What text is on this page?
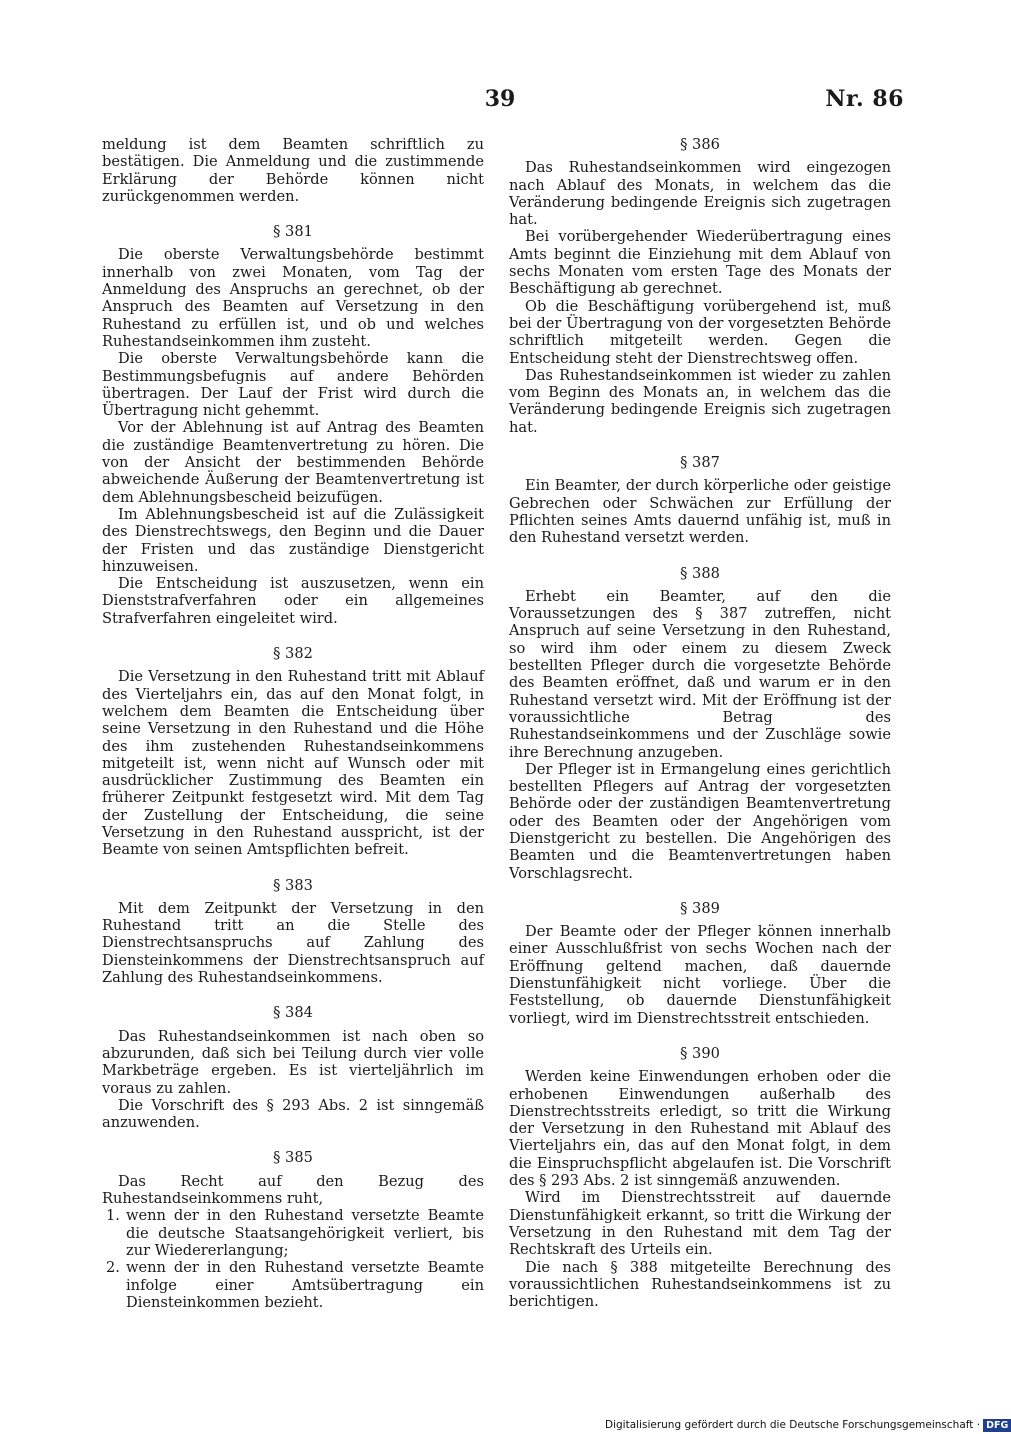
39	Nr. 86

meldung ist dem Beamten schriftlich zu bestätigen. Die Anmeldung und die zustimmende Erklärung der Behörde können nicht zurückgenommen werden.

§ 381

Die oberste Verwaltungsbehörde bestimmt innerhalb von zwei Monaten, vom Tag der Anmeldung des Anspruchs an gerechnet, ob der Anspruch des Beamten auf Versetzung in den Ruhestand zu erfüllen ist, und ob und welches Ruhestandseinkommen ihm zusteht.

Die oberste Verwaltungsbehörde kann die Bestimmungsbefugnis auf andere Behörden übertragen. Der Lauf der Frist wird durch die Übertragung nicht gehemmt.

Vor der Ablehnung ist auf Antrag des Beamten die zuständige Beamtenvertretung zu hören. Die von der Ansicht der bestimmenden Behörde abweichende Äußerung der Beamtenvertretung ist dem Ablehnungsbescheid beizufügen.

Im Ablehnungsbescheid ist auf die Zulässigkeit des Dienstrechtswegs, den Beginn und die Dauer der Fristen und das zuständige Dienstgericht hinzuweisen.

Die Entscheidung ist auszusetzen, wenn ein Dienststrafverfahren oder ein allgemeines Strafverfahren eingeleitet wird.

§ 382

Die Versetzung in den Ruhestand tritt mit Ablauf des Vierteljahrs ein, das auf den Monat folgt, in welchem dem Beamten die Entscheidung über seine Versetzung in den Ruhestand und die Höhe des ihm zustehenden Ruhestandseinkommens mitgeteilt ist, wenn nicht auf Wunsch oder mit ausdrücklicher Zustimmung des Beamten ein früherer Zeitpunkt festgesetzt wird. Mit dem Tag der Zustellung der Entscheidung, die seine Versetzung in den Ruhestand ausspricht, ist der Beamte von seinen Amtspflichten befreit.

§ 383

Mit dem Zeitpunkt der Versetzung in den Ruhestand tritt an die Stelle des Dienstrechtsanspruchs auf Zahlung des Diensteinkommens der Dienstrechtsanspruch auf Zahlung des Ruhestandseinkommens.

§ 384

Das Ruhestandseinkommen ist nach oben so abzurunden, daß sich bei Teilung durch vier volle Markbeträge ergeben. Es ist vierteljährlich im voraus zu zahlen.

Die Vorschrift des § 293 Abs. 2 ist sinngemäß anzuwenden.

§ 385

Das Recht auf den Bezug des Ruhestandseinkommens ruht,

1. wenn der in den Ruhestand versetzte Beamte die deutsche Staatsangehörigkeit verliert, bis zur Wiedererlangung;
2. wenn der in den Ruhestand versetzte Beamte infolge einer Amtsübertragung ein Diensteinkommen bezieht.
§ 386

Das Ruhestandseinkommen wird eingezogen nach Ablauf des Monats, in welchem das die Veränderung bedingende Ereignis sich zugetragen hat.

Bei vorübergehender Wiederübertragung eines Amts beginnt die Einziehung mit dem Ablauf von sechs Monaten vom ersten Tage des Monats der Beschäftigung ab gerechnet.

Ob die Beschäftigung vorübergehend ist, muß bei der Übertragung von der vorgesetzten Behörde schriftlich mitgeteilt werden. Gegen die Entscheidung steht der Dienstrechtsweg offen.

Das Ruhestandseinkommen ist wieder zu zahlen vom Beginn des Monats an, in welchem das die Veränderung bedingende Ereignis sich zugetragen hat.

§ 387

Ein Beamter, der durch körperliche oder geistige Gebrechen oder Schwächen zur Erfüllung der Pflichten seines Amts dauernd unfähig ist, muß in den Ruhestand versetzt werden.

§ 388

Erhebt ein Beamter, auf den die Voraussetzungen des § 387 zutreffen, nicht Anspruch auf seine Versetzung in den Ruhestand, so wird ihm oder einem zu diesem Zweck bestellten Pfleger durch die vorgesetzte Behörde des Beamten eröffnet, daß und warum er in den Ruhestand versetzt wird. Mit der Eröffnung ist der voraussichtliche Betrag des Ruhestandseinkommens und der Zuschläge sowie ihre Berechnung anzugeben.

Der Pfleger ist in Ermangelung eines gerichtlich bestellten Pflegers auf Antrag der vorgesetzten Behörde oder der zuständigen Beamtenvertretung oder des Beamten oder der Angehörigen vom Dienstgericht zu bestellen. Die Angehörigen des Beamten und die Beamtenvertretungen haben Vorschlagsrecht.

§ 389

Der Beamte oder der Pfleger können innerhalb einer Ausschlußfrist von sechs Wochen nach der Eröffnung geltend machen, daß dauernde Dienstunfähigkeit nicht vorliege. Über die Feststellung, ob dauernde Dienstunfähigkeit vorliegt, wird im Dienstrechtsstreit entschieden.

§ 390

Werden keine Einwendungen erhoben oder die erhobenen Einwendungen außerhalb des Dienstrechtsstreits erledigt, so tritt die Wirkung der Versetzung in den Ruhestand mit Ablauf des Vierteljahrs ein, das auf den Monat folgt, in dem die Einspruchspflicht abgelaufen ist. Die Vorschrift des § 293 Abs. 2 ist sinngemäß anzuwenden.

Wird im Dienstrechtsstreit auf dauernde Dienstunfähigkeit erkannt, so tritt die Wirkung der Versetzung in den Ruhestand mit dem Tag der Rechtskraft des Urteils ein.

Die nach § 388 mitgeteilte Berechnung des voraussichtlichen Ruhestandseinkommens ist zu berichtigen.

Digitalisierung gefördert durch die Deutsche Forschungsgemeinschaft · DFG
